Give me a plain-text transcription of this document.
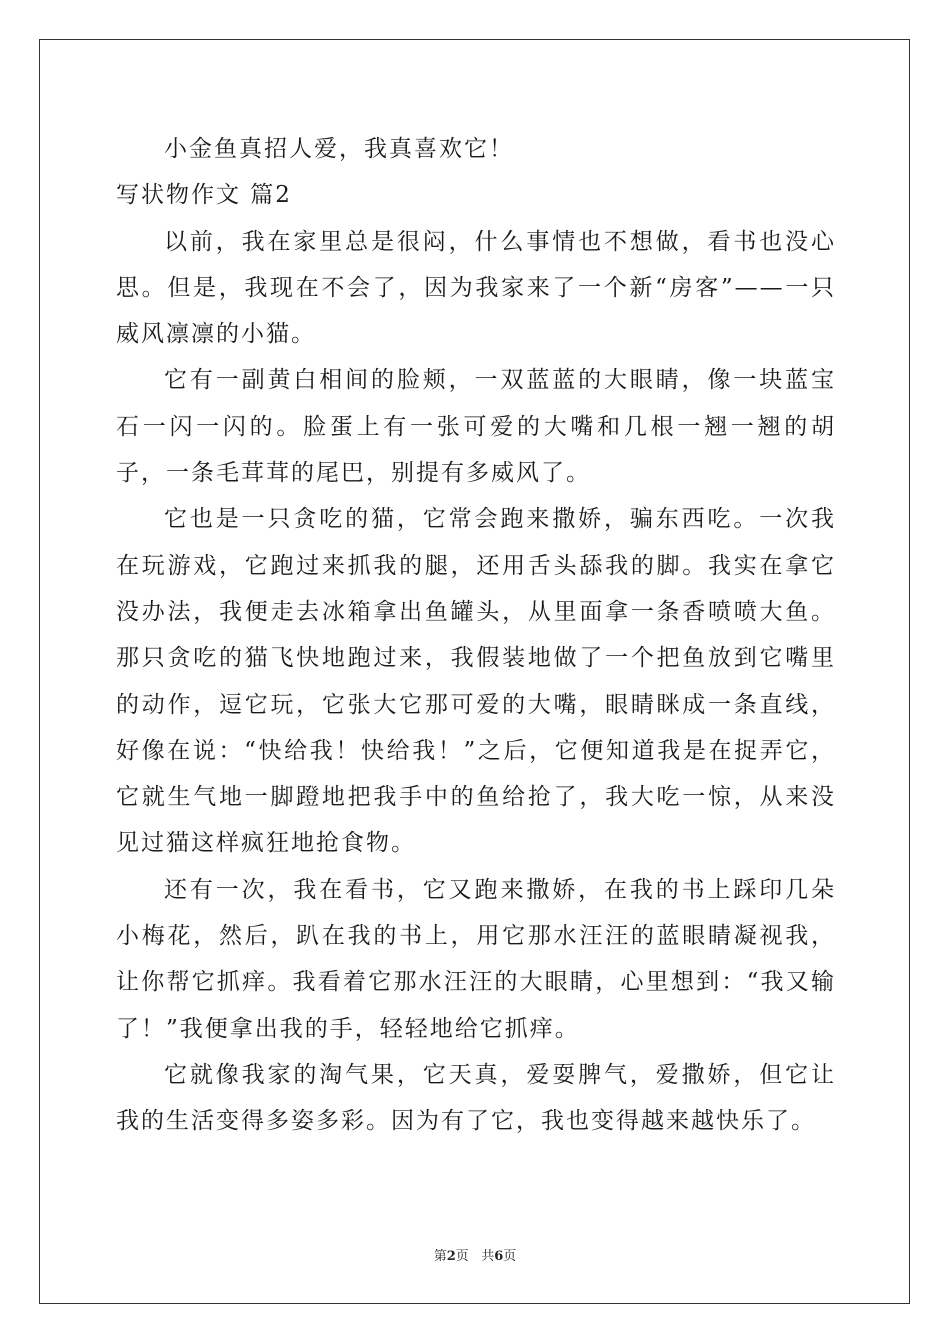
小金鱼真招人爱，我真喜欢它！

写状物作文 篇2

以前，我在家里总是很闷，什么事情也不想做，看书也没心思。但是，我现在不会了，因为我家来了一个新“房客”——一只威风凛凛的小猫。

它有一副黄白相间的脸颊，一双蓝蓝的大眼睛，像一块蓝宝石一闪一闪的。脸蛋上有一张可爱的大嘴和几根一翘一翘的胡子，一条毛茸茸的尾巴，别提有多威风了。

它也是一只贪吃的猫，它常会跑来撒娇，骗东西吃。一次我在玩游戏，它跑过来抓我的腿，还用舌头舔我的脚。我实在拿它没办法，我便走去冰箱拿出鱼罐头，从里面拿一条香喷喷大鱼。那只贪吃的猫飞快地跑过来，我假装地做了一个把鱼放到它嘴里的动作，逗它玩，它张大它那可爱的大嘴，眼睛眯成一条直线，好像在说：“快给我！快给我！”之后，它便知道我是在捉弄它，它就生气地一脚蹬地把我手中的鱼给抢了，我大吃一惊，从来没见过猫这样疯狂地抢食物。

还有一次，我在看书，它又跑来撒娇，在我的书上踩印几朵小梅花，然后，趴在我的书上，用它那水汪汪的蓝眼睛凝视我，让你帮它抓痒。我看着它那水汪汪的大眼睛，心里想到：“我又输了！”我便拿出我的手，轻轻地给它抓痒。

它就像我家的淘气果，它天真，爱耍脾气，爱撒娇，但它让我的生活变得多姿多彩。因为有了它，我也变得越来越快乐了。

第2页 共6页
